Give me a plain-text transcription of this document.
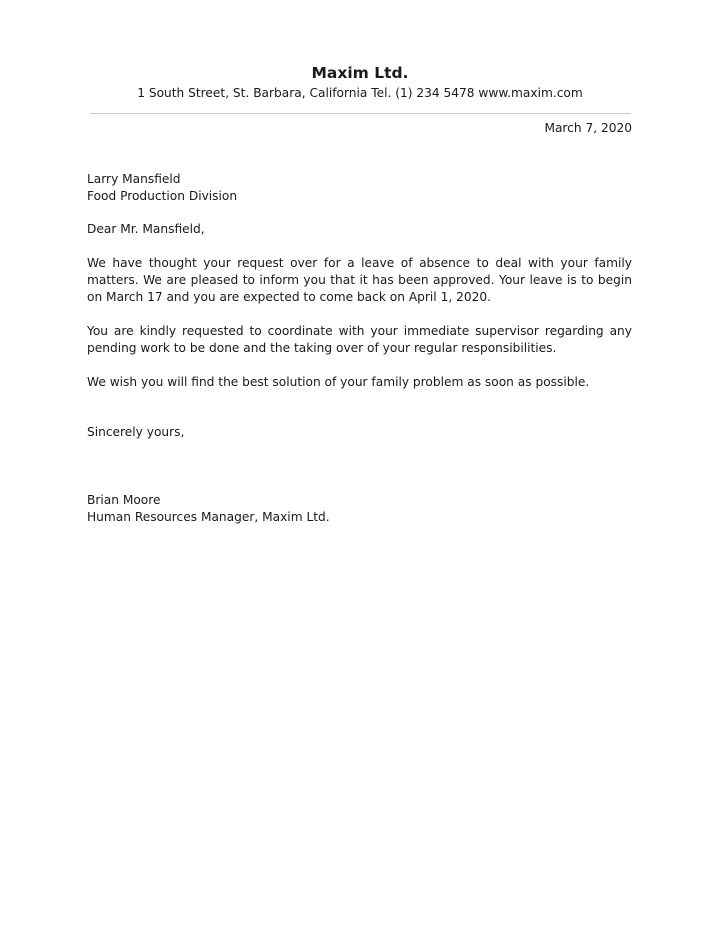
Maxim Ltd.
1 South Street, St. Barbara, California Tel. (1) 234 5478 www.maxim.com
March 7, 2020
Larry Mansfield
Food Production Division
Dear Mr. Mansfield,
We have thought your request over for a leave of absence to deal with your family
matters. We are pleased to inform you that it has been approved. Your leave is to begin
on March 17 and you are expected to come back on April 1, 2020.
You are kindly requested to coordinate with your immediate supervisor regarding any
pending work to be done and the taking over of your regular responsibilities.
We wish you will find the best solution of your family problem as soon as possible.
Sincerely yours,
Brian Moore
Human Resources Manager, Maxim Ltd.
